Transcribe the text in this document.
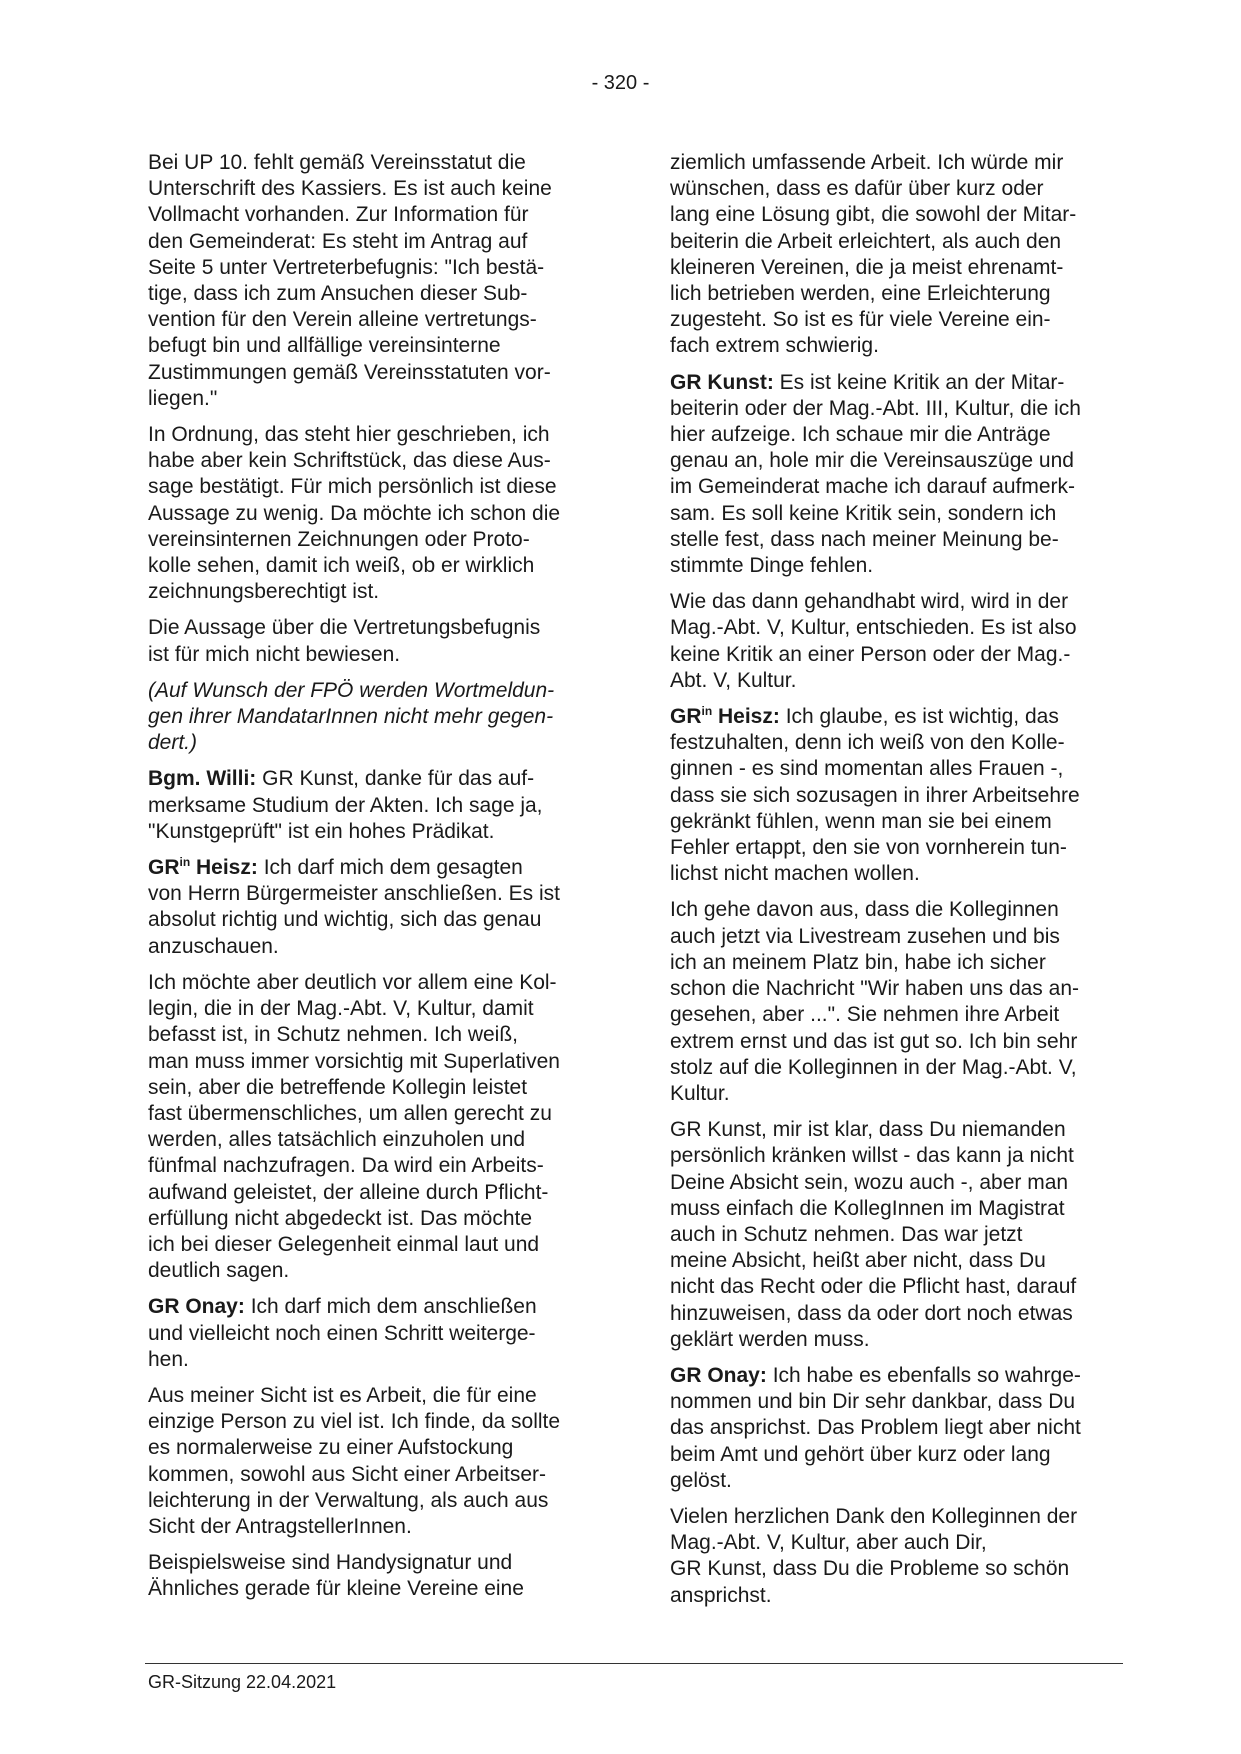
- 320 -

Bei UP 10. fehlt gemäß Vereinsstatut die
Unterschrift des Kassiers. Es ist auch keine
Vollmacht vorhanden. Zur Information für
den Gemeinderat: Es steht im Antrag auf
Seite 5 unter Vertreterbefugnis: "Ich bestä-
tige, dass ich zum Ansuchen dieser Sub-
vention für den Verein alleine vertretungs-
befugt bin und allfällige vereinsinterne
Zustimmungen gemäß Vereinsstatuten vor-
liegen."

In Ordnung, das steht hier geschrieben, ich
habe aber kein Schriftstück, das diese Aus-
sage bestätigt. Für mich persönlich ist diese
Aussage zu wenig. Da möchte ich schon die
vereinsinternen Zeichnungen oder Proto-
kolle sehen, damit ich weiß, ob er wirklich
zeichnungsberechtigt ist.

Die Aussage über die Vertretungsbefugnis
ist für mich nicht bewiesen.

(Auf Wunsch der FPÖ werden Wortmeldun-
gen ihrer MandatarInnen nicht mehr gegen-
dert.)

Bgm. Willi: GR Kunst, danke für das auf-
merksame Studium der Akten. Ich sage ja,
"Kunstgeprüft" ist ein hohes Prädikat.

$GR^{in}$ Heisz: Ich darf mich dem gesagten
von Herrn Bürgermeister anschließen. Es ist
absolut richtig und wichtig, sich das genau
anzuschauen.

Ich möchte aber deutlich vor allem eine Kol-
legin, die in der Mag.-Abt. V, Kultur, damit
befasst ist, in Schutz nehmen. Ich weiß,
man muss immer vorsichtig mit Superlativen
sein, aber die betreffende Kollegin leistet
fast übermenschliches, um allen gerecht zu
werden, alles tatsächlich einzuholen und
fünfmal nachzufragen. Da wird ein Arbeits-
aufwand geleistet, der alleine durch Pflicht-
erfüllung nicht abgedeckt ist. Das möchte
ich bei dieser Gelegenheit einmal laut und
deutlich sagen.

GR Onay: Ich darf mich dem anschließen
und vielleicht noch einen Schritt weiterge-
hen.

Aus meiner Sicht ist es Arbeit, die für eine
einzige Person zu viel ist. Ich finde, da sollte
es normalerweise zu einer Aufstockung
kommen, sowohl aus Sicht einer Arbeitser-
leichterung in der Verwaltung, als auch aus
Sicht der AntragstellerInnen.

Beispielsweise sind Handysignatur und
Ähnliches gerade für kleine Vereine eine

ziemlich umfassende Arbeit. Ich würde mir
wünschen, dass es dafür über kurz oder
lang eine Lösung gibt, die sowohl der Mitar-
beiterin die Arbeit erleichtert, als auch den
kleineren Vereinen, die ja meist ehrenamt-
lich betrieben werden, eine Erleichterung
zugesteht. So ist es für viele Vereine ein-
fach extrem schwierig.

GR Kunst: Es ist keine Kritik an der Mitar-
beiterin oder der Mag.-Abt. III, Kultur, die ich
hier aufzeige. Ich schaue mir die Anträge
genau an, hole mir die Vereinsauszüge und
im Gemeinderat mache ich darauf aufmerk-
sam. Es soll keine Kritik sein, sondern ich
stelle fest, dass nach meiner Meinung be-
stimmte Dinge fehlen.

Wie das dann gehandhabt wird, wird in der
Mag.-Abt. V, Kultur, entschieden. Es ist also
keine Kritik an einer Person oder der Mag.-
Abt. V, Kultur.

$GR^{in}$ Heisz: Ich glaube, es ist wichtig, das
festzuhalten, denn ich weiß von den Kolle-
ginnen - es sind momentan alles Frauen -,
dass sie sich sozusagen in ihrer Arbeitsehre
gekränkt fühlen, wenn man sie bei einem
Fehler ertappt, den sie von vornherein tun-
lichst nicht machen wollen.

Ich gehe davon aus, dass die Kolleginnen
auch jetzt via Livestream zusehen und bis
ich an meinem Platz bin, habe ich sicher
schon die Nachricht "Wir haben uns das an-
gesehen, aber ...". Sie nehmen ihre Arbeit
extrem ernst und das ist gut so. Ich bin sehr
stolz auf die Kolleginnen in der Mag.-Abt. V,
Kultur.

GR Kunst, mir ist klar, dass Du niemanden
persönlich kränken willst - das kann ja nicht
Deine Absicht sein, wozu auch -, aber man
muss einfach die KollegInnen im Magistrat
auch in Schutz nehmen. Das war jetzt
meine Absicht, heißt aber nicht, dass Du
nicht das Recht oder die Pflicht hast, darauf
hinzuweisen, dass da oder dort noch etwas
geklärt werden muss.

GR Onay: Ich habe es ebenfalls so wahrge-
nommen und bin Dir sehr dankbar, dass Du
das ansprichst. Das Problem liegt aber nicht
beim Amt und gehört über kurz oder lang
gelöst.

Vielen herzlichen Dank den Kolleginnen der
Mag.-Abt. V, Kultur, aber auch Dir,
GR Kunst, dass Du die Probleme so schön
ansprichst.

GR-Sitzung 22.04.2021
